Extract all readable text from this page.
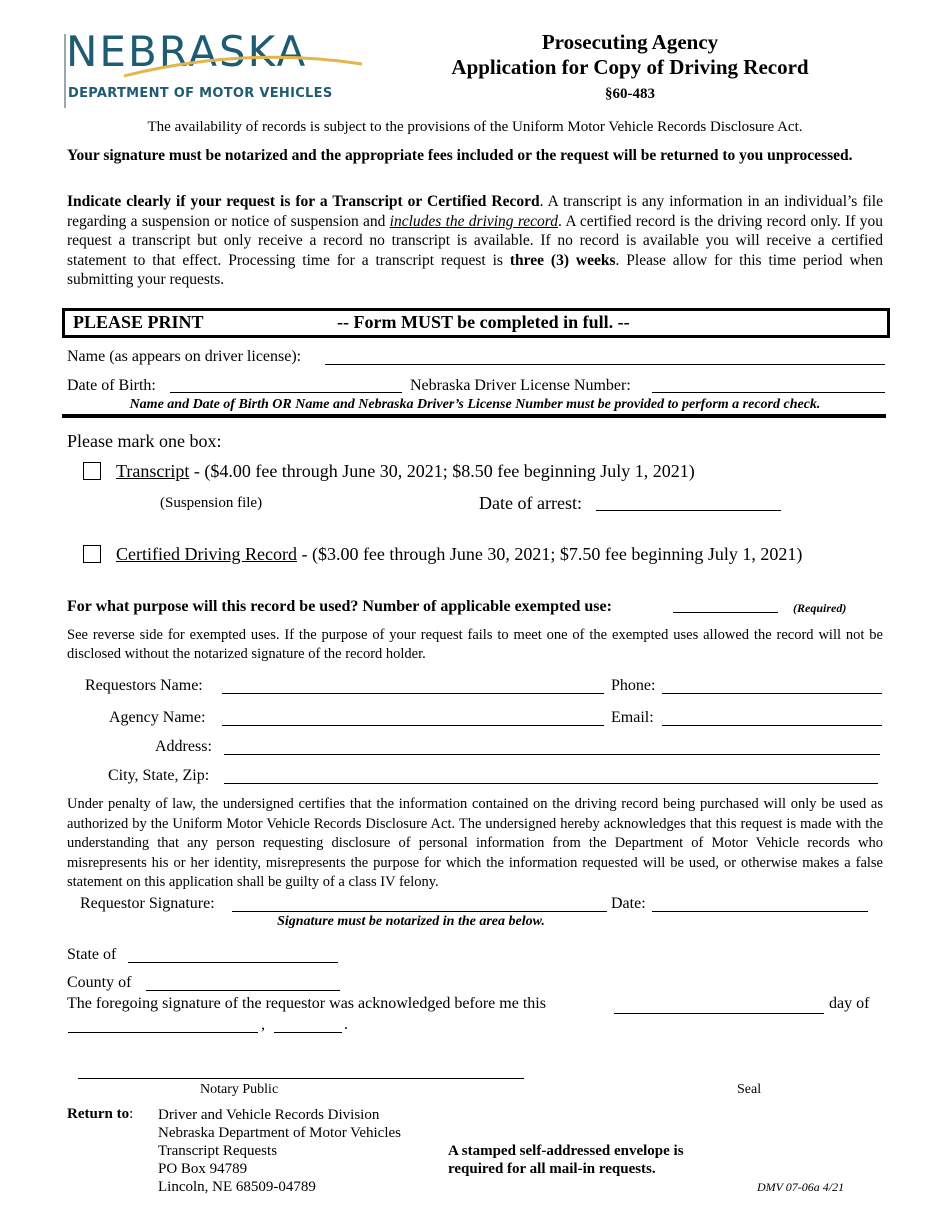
NEBRASKA
DEPARTMENT OF MOTOR VEHICLES
Prosecuting Agency
Application for Copy of Driving Record
§60-483
The availability of records is subject to the provisions of the Uniform Motor Vehicle Records Disclosure Act.
Your signature must be notarized and the appropriate fees included or the request will be returned to you unprocessed.
Indicate clearly if your request is for a Transcript or Certified Record. A transcript is any information in an individual’s file regarding a suspension or notice of suspension and includes the driving record. A certified record is the driving record only. If you request a transcript but only receive a record no transcript is available. If no record is available you will receive a certified statement to that effect. Processing time for a transcript request is three (3) weeks. Please allow for this time period when submitting your requests.
PLEASE PRINT	-- Form MUST be completed in full. --
Name (as appears on driver license):
Date of Birth:	Nebraska Driver License Number:
Name and Date of Birth OR Name and Nebraska Driver’s License Number must be provided to perform a record check.
Please mark one box:
Transcript - ($4.00 fee through June 30, 2021; $8.50 fee beginning July 1, 2021)
(Suspension file)	Date of arrest:
Certified Driving Record - ($3.00 fee through June 30, 2021; $7.50 fee beginning July 1, 2021)
For what purpose will this record be used? Number of applicable exempted use:	(Required)
See reverse side for exempted uses. If the purpose of your request fails to meet one of the exempted uses allowed the record will not be disclosed without the notarized signature of the record holder.
Requestors Name:	Phone:
Agency Name:	Email:
Address:
City, State, Zip:
Under penalty of law, the undersigned certifies that the information contained on the driving record being purchased will only be used as authorized by the Uniform Motor Vehicle Records Disclosure Act. The undersigned hereby acknowledges that this request is made with the understanding that any person requesting disclosure of personal information from the Department of Motor Vehicle records who misrepresents his or her identity, misrepresents the purpose for which the information requested will be used, or otherwise makes a false statement on this application shall be guilty of a class IV felony.
Requestor Signature:	Date:
Signature must be notarized in the area below.
State of
County of
The foregoing signature of the requestor was acknowledged before me this	day of
,	.
Notary Public	Seal
Return to: Driver and Vehicle Records Division
Nebraska Department of Motor Vehicles
Transcript Requests
PO Box 94789
Lincoln, NE 68509-04789
A stamped self-addressed envelope is
required for all mail-in requests.
DMV 07-06a 4/21
